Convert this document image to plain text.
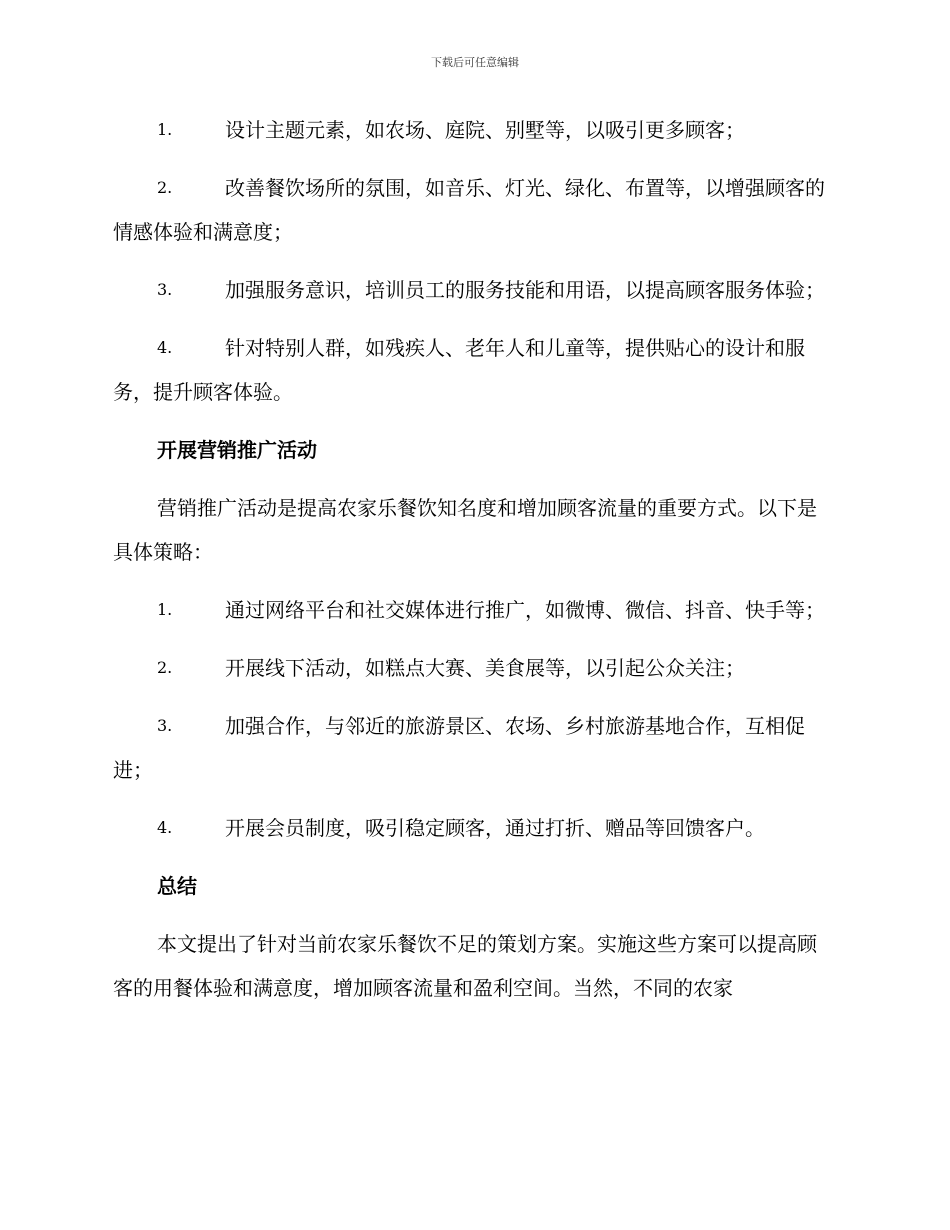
下载后可任意编辑
1.	设计主题元素，如农场、庭院、别墅等，以吸引更多顾客；
2.	改善餐饮场所的氛围，如音乐、灯光、绿化、布置等，以增强顾客的情感体验和满意度；
3.	加强服务意识，培训员工的服务技能和用语，以提高顾客服务体验；
4.	针对特别人群，如残疾人、老年人和儿童等，提供贴心的设计和服务，提升顾客体验。
开展营销推广活动
营销推广活动是提高农家乐餐饮知名度和增加顾客流量的重要方式。以下是具体策略：
1.	通过网络平台和社交媒体进行推广，如微博、微信、抖音、快手等；
2.	开展线下活动，如糕点大赛、美食展等，以引起公众关注；
3.	加强合作，与邻近的旅游景区、农场、乡村旅游基地合作，互相促进；
4.	开展会员制度，吸引稳定顾客，通过打折、赠品等回馈客户。
总结
本文提出了针对当前农家乐餐饮不足的策划方案。实施这些方案可以提高顾客的用餐体验和满意度，增加顾客流量和盈利空间。当然，不同的农家
